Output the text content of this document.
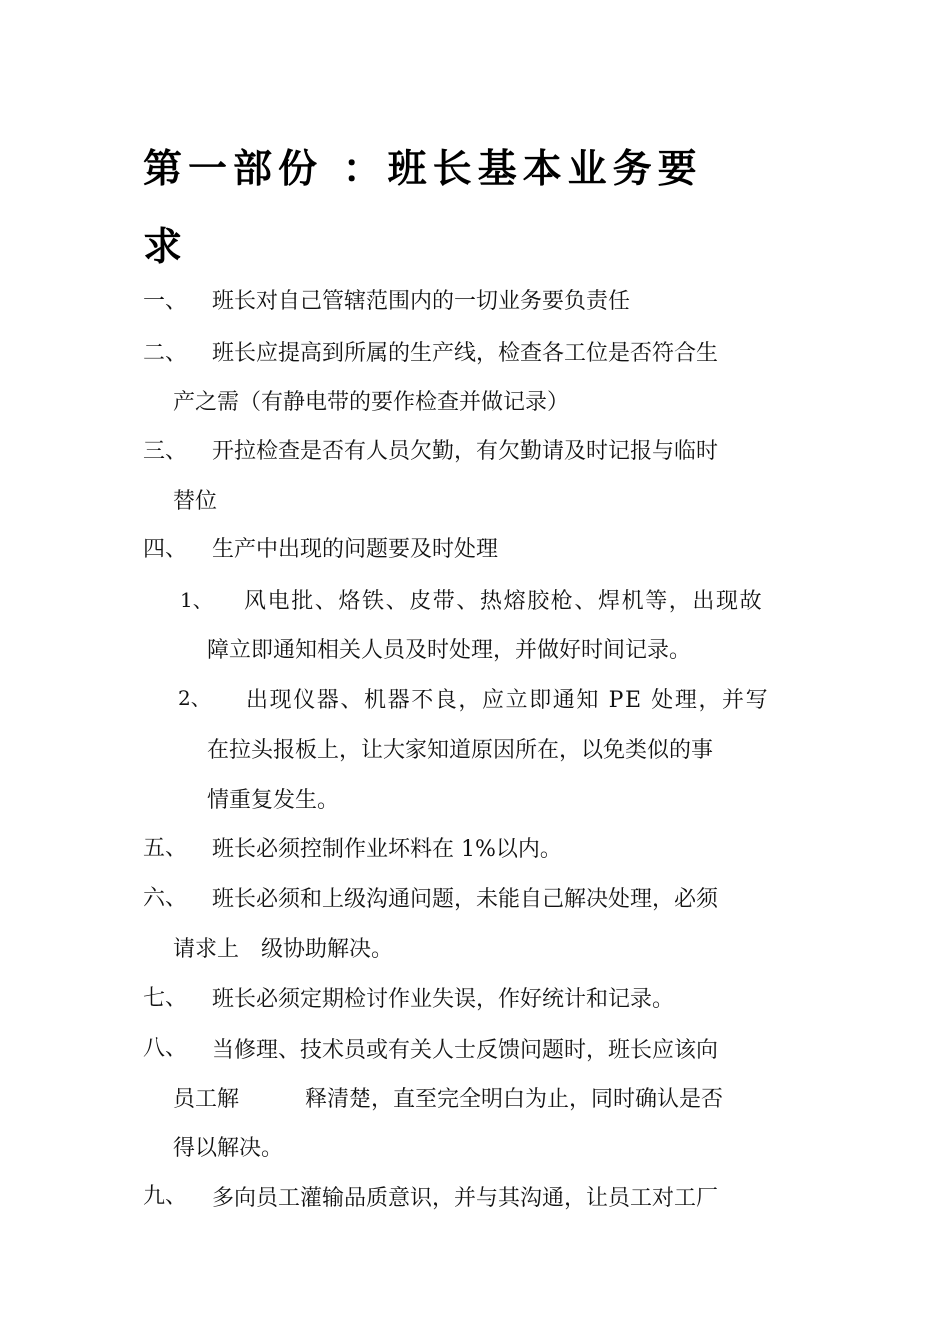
第一部份 ：班长基本业务要
求
一、 班长对自己管辖范围内的一切业务要负责任
二、 班长应提高到所属的生产线，检查各工位是否符合生
产之需（有静电带的要作检查并做记录）
三、 开拉检查是否有人员欠勤，有欠勤请及时记报与临时
替位
四、 生产中出现的问题要及时处理
1、 风电批、烙铁、皮带、热熔胶枪、焊机等，出现故
障立即通知相关人员及时处理，并做好时间记录。
2、 出现仪器、机器不良，应立即通知 PE 处理，并写
在拉头报板上，让大家知道原因所在，以免类似的事
情重复发生。
五、 班长必须控制作业坏料在 1%以内。
六、 班长必须和上级沟通问题，未能自己解决处理，必须
请求上　级协助解决。
七、 班长必须定期检讨作业失误，作好统计和记录。
八、 当修理、技术员或有关人士反馈问题时，班长应该向
员工解　　　释清楚，直至完全明白为止，同时确认是否
得以解决。
九、 多向员工灌输品质意识，并与其沟通，让员工对工厂
